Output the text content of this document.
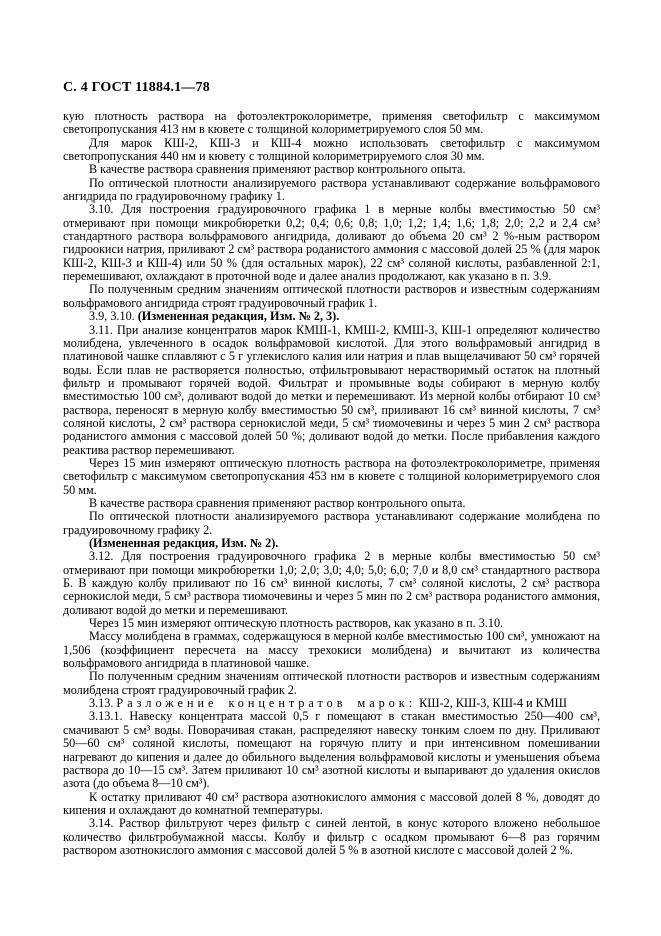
С. 4 ГОСТ 11884.1—78

кую плотность раствора на фотоэлектроколориметре, применяя светофильтр с максимумом светопропускания 413 нм в кювете с толщиной колориметрируемого слоя 50 мм.

Для марок КШ-2, КШ-3 и КШ-4 можно использовать светофильтр с максимумом светопропускания 440 нм и кювету с толщиной колориметрируемого слоя 30 мм.

В качестве раствора сравнения применяют раствор контрольного опыта.

По оптической плотности анализируемого раствора устанавливают содержание вольфрамового ангидрида по градуировочному графику 1.

3.10. Для построения градуировочного графика 1 в мерные колбы вместимостью 50 см³ отмеривают при помощи микробюретки 0,2; 0,4; 0,6; 0,8; 1,0; 1,2; 1,4; 1,6; 1,8; 2,0; 2,2 и 2,4 см³ стандартного раствора вольфрамового ангидрида, доливают до объема 20 см³ 2 %-ным раствором гидроокиси натрия, приливают 2 см³ раствора роданистого аммония с массовой долей 25 % (для марок КШ-2, КШ-3 и КШ-4) или 50 % (для остальных марок), 22 см³ соляной кислоты, разбавленной 2:1, перемешивают, охлаждают в проточной воде и далее анализ продолжают, как указано в п. 3.9.

По полученным средним значениям оптической плотности растворов и известным содержаниям вольфрамового ангидрида строят градуировочный график 1.

3.9, 3.10. (Измененная редакция, Изм. № 2, 3).

3.11. При анализе концентратов марок КМШ-1, КМШ-2, КМШ-3, КШ-1 определяют количество молибдена, увлеченного в осадок вольфрамовой кислотой. Для этого вольфрамовый ангидрид в платиновой чашке сплавляют с 5 г углекислого калия или натрия и плав выщелачивают 50 см³ горячей воды. Если плав не растворяется полностью, отфильтровывают нерастворимый остаток на плотный фильтр и промывают горячей водой. Фильтрат и промывные воды собирают в мерную колбу вместимостью 100 см³, доливают водой до метки и перемешивают. Из мерной колбы отбирают 10 см³ раствора, переносят в мерную колбу вместимостью 50 см³, приливают 16 см³ винной кислоты, 7 см³ соляной кислоты, 2 см³ раствора сернокислой меди, 5 см³ тиомочевины и через 5 мин 2 см³ раствора роданистого аммония с массовой долей 50 %; доливают водой до метки. После прибавления каждого реактива раствор перемешивают.

Через 15 мин измеряют оптическую плотность раствора на фотоэлектроколориметре, применяя светофильтр с максимумом светопропускания 453 нм в кювете с толщиной колориметрируемого слоя 50 мм.

В качестве раствора сравнения применяют раствор контрольного опыта.

По оптической плотности анализируемого раствора устанавливают содержание молибдена по градуировочному графику 2.

(Измененная редакция, Изм. № 2).

3.12. Для построения градуировочного графика 2 в мерные колбы вместимостью 50 см³ отмеривают при помощи микробюретки 1,0; 2,0; 3,0; 4,0; 5,0; 6,0; 7,0 и 8,0 см³ стандартного раствора Б. В каждую колбу приливают по 16 см³ винной кислоты, 7 см³ соляной кислоты, 2 см³ раствора сернокислой меди, 5 см³ раствора тиомочевины и через 5 мин по 2 см³ раствора роданистого аммония, доливают водой до метки и перемешивают.

Через 15 мин измеряют оптическую плотность растворов, как указано в п. 3.10.

Массу молибдена в граммах, содержащуюся в мерной колбе вместимостью 100 см³, умножают на 1,506 (коэффициент пересчета на массу трехокиси молибдена) и вычитают из количества вольфрамового ангидрида в платиновой чашке.

По полученным средним значениям оптической плотности растворов и известным содержаниям молибдена строят градуировочный график 2.

3.13. Разложение концентратов марок: КШ-2, КШ-3, КШ-4 и КМШ

3.13.1. Навеску концентрата массой 0,5 г помещают в стакан вместимостью 250—400 см³, смачивают 5 см³ воды. Поворачивая стакан, распределяют навеску тонким слоем по дну. Приливают 50—60 см³ соляной кислоты, помещают на горячую плиту и при интенсивном помешивании нагревают до кипения и далее до обильного выделения вольфрамовой кислоты и уменьшения объема раствора до 10—15 см³. Затем приливают 10 см³ азотной кислоты и выпаривают до удаления окислов азота (до объема 8—10 см³).

К остатку приливают 40 см³ раствора азотнокислого аммония с массовой долей 8 %, доводят до кипения и охлаждают до комнатной температуры.

3.14. Раствор фильтруют через фильтр с синей лентой, в конус которого вложено небольшое количество фильтробумажной массы. Колбу и фильтр с осадком промывают 6—8 раз горячим раствором азотнокислого аммония с массовой долей 5 % в азотной кислоте с массовой долей 2 %.
